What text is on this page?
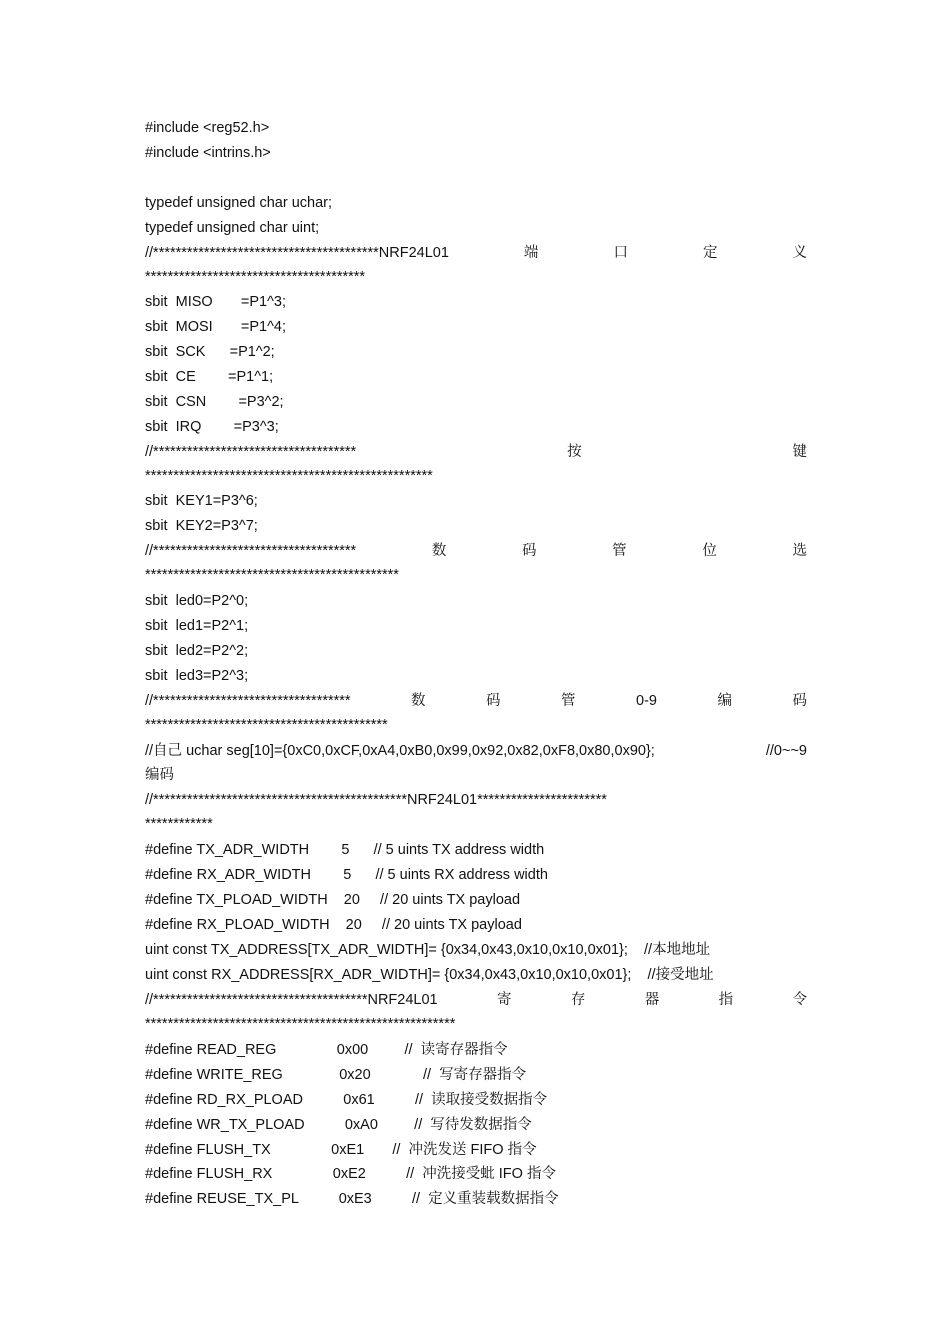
#include <reg52.h>
#include <intrins.h>
typedef unsigned char uchar;
typedef unsigned char uint;
//****************************************NRF24L01	端	口	定	义
***************************************
sbit  MISO       =P1^3;
sbit  MOSI       =P1^4;
sbit  SCK      =P1^2;
sbit  CE        =P1^1;
sbit  CSN        =P3^2;
sbit  IRQ        =P3^3;
//************************************	按	键
***************************************************
sbit  KEY1=P3^6;
sbit  KEY2=P3^7;
//************************************	数	码	管	位	选
*********************************************
sbit  led0=P2^0;
sbit  led1=P2^1;
sbit  led2=P2^2;
sbit  led3=P2^3;
//***********************************	数	码	管	0-9	编	码
*******************************************
//自己 uchar seg[10]={0xC0,0xCF,0xA4,0xB0,0x99,0x92,0x82,0xF8,0x80,0x90};	//0~~9
编码
//*********************************************NRF24L01***********************
************
#define TX_ADR_WIDTH        5      // 5 uints TX address width
#define RX_ADR_WIDTH        5      // 5 uints RX address width
#define TX_PLOAD_WIDTH    20     // 20 uints TX payload
#define RX_PLOAD_WIDTH    20     // 20 uints TX payload
uint const TX_ADDRESS[TX_ADR_WIDTH]= {0x34,0x43,0x10,0x10,0x01};    //本地地址
uint const RX_ADDRESS[RX_ADR_WIDTH]= {0x34,0x43,0x10,0x10,0x01};    //接受地址
//**************************************NRF24L01	寄	存	器	指	令
*******************************************************
#define READ_REG               0x00         //  读寄存器指令
#define WRITE_REG              0x20             //  写寄存器指令
#define RD_RX_PLOAD          0x61          //  读取接受数据指令
#define WR_TX_PLOAD          0xA0         //  写待发数据指令
#define FLUSH_TX               0xE1       //  冲洗发送 FIFO 指令
#define FLUSH_RX               0xE2          //  冲洗接受蚍 IFO 指令
#define REUSE_TX_PL          0xE3          //  定义重装载数据指令
